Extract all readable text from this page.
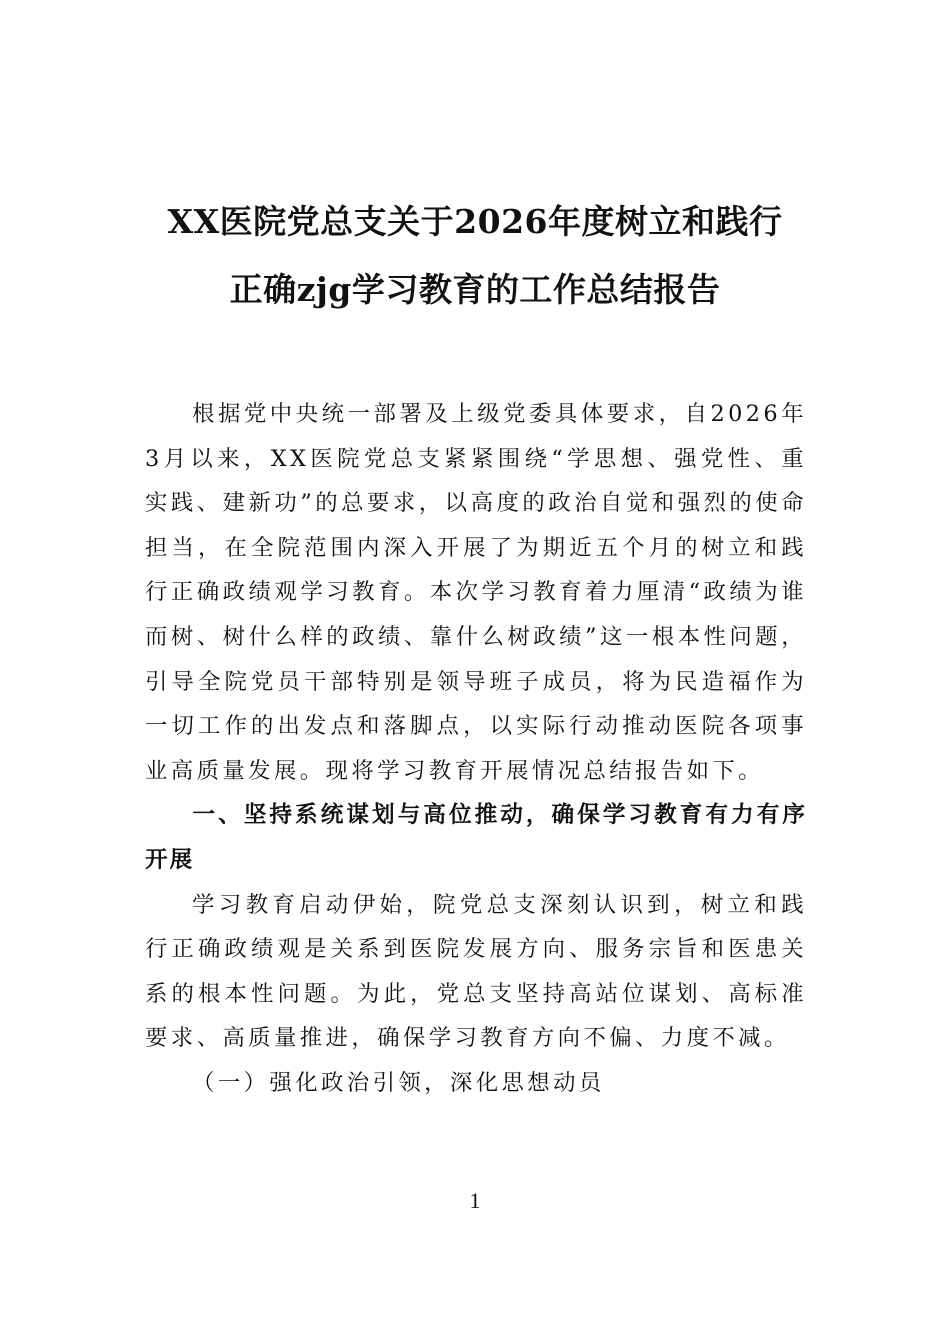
XX医院党总支关于2026年度树立和践行
正确zjg学习教育的工作总结报告

根据党中央统一部署及上级党委具体要求，自2026年3月以来，XX医院党总支紧紧围绕“学思想、强党性、重实践、建新功”的总要求，以高度的政治自觉和强烈的使命担当，在全院范围内深入开展了为期近五个月的树立和践行正确政绩观学习教育。本次学习教育着力厘清“政绩为谁而树、树什么样的政绩、靠什么树政绩”这一根本性问题，引导全院党员干部特别是领导班子成员，将为民造福作为一切工作的出发点和落脚点，以实际行动推动医院各项事业高质量发展。现将学习教育开展情况总结报告如下。

一、坚持系统谋划与高位推动，确保学习教育有力有序开展

学习教育启动伊始，院党总支深刻认识到，树立和践行正确政绩观是关系到医院发展方向、服务宗旨和医患关系的根本性问题。为此，党总支坚持高站位谋划、高标准要求、高质量推进，确保学习教育方向不偏、力度不减。

（一）强化政治引领，深化思想动员

1
